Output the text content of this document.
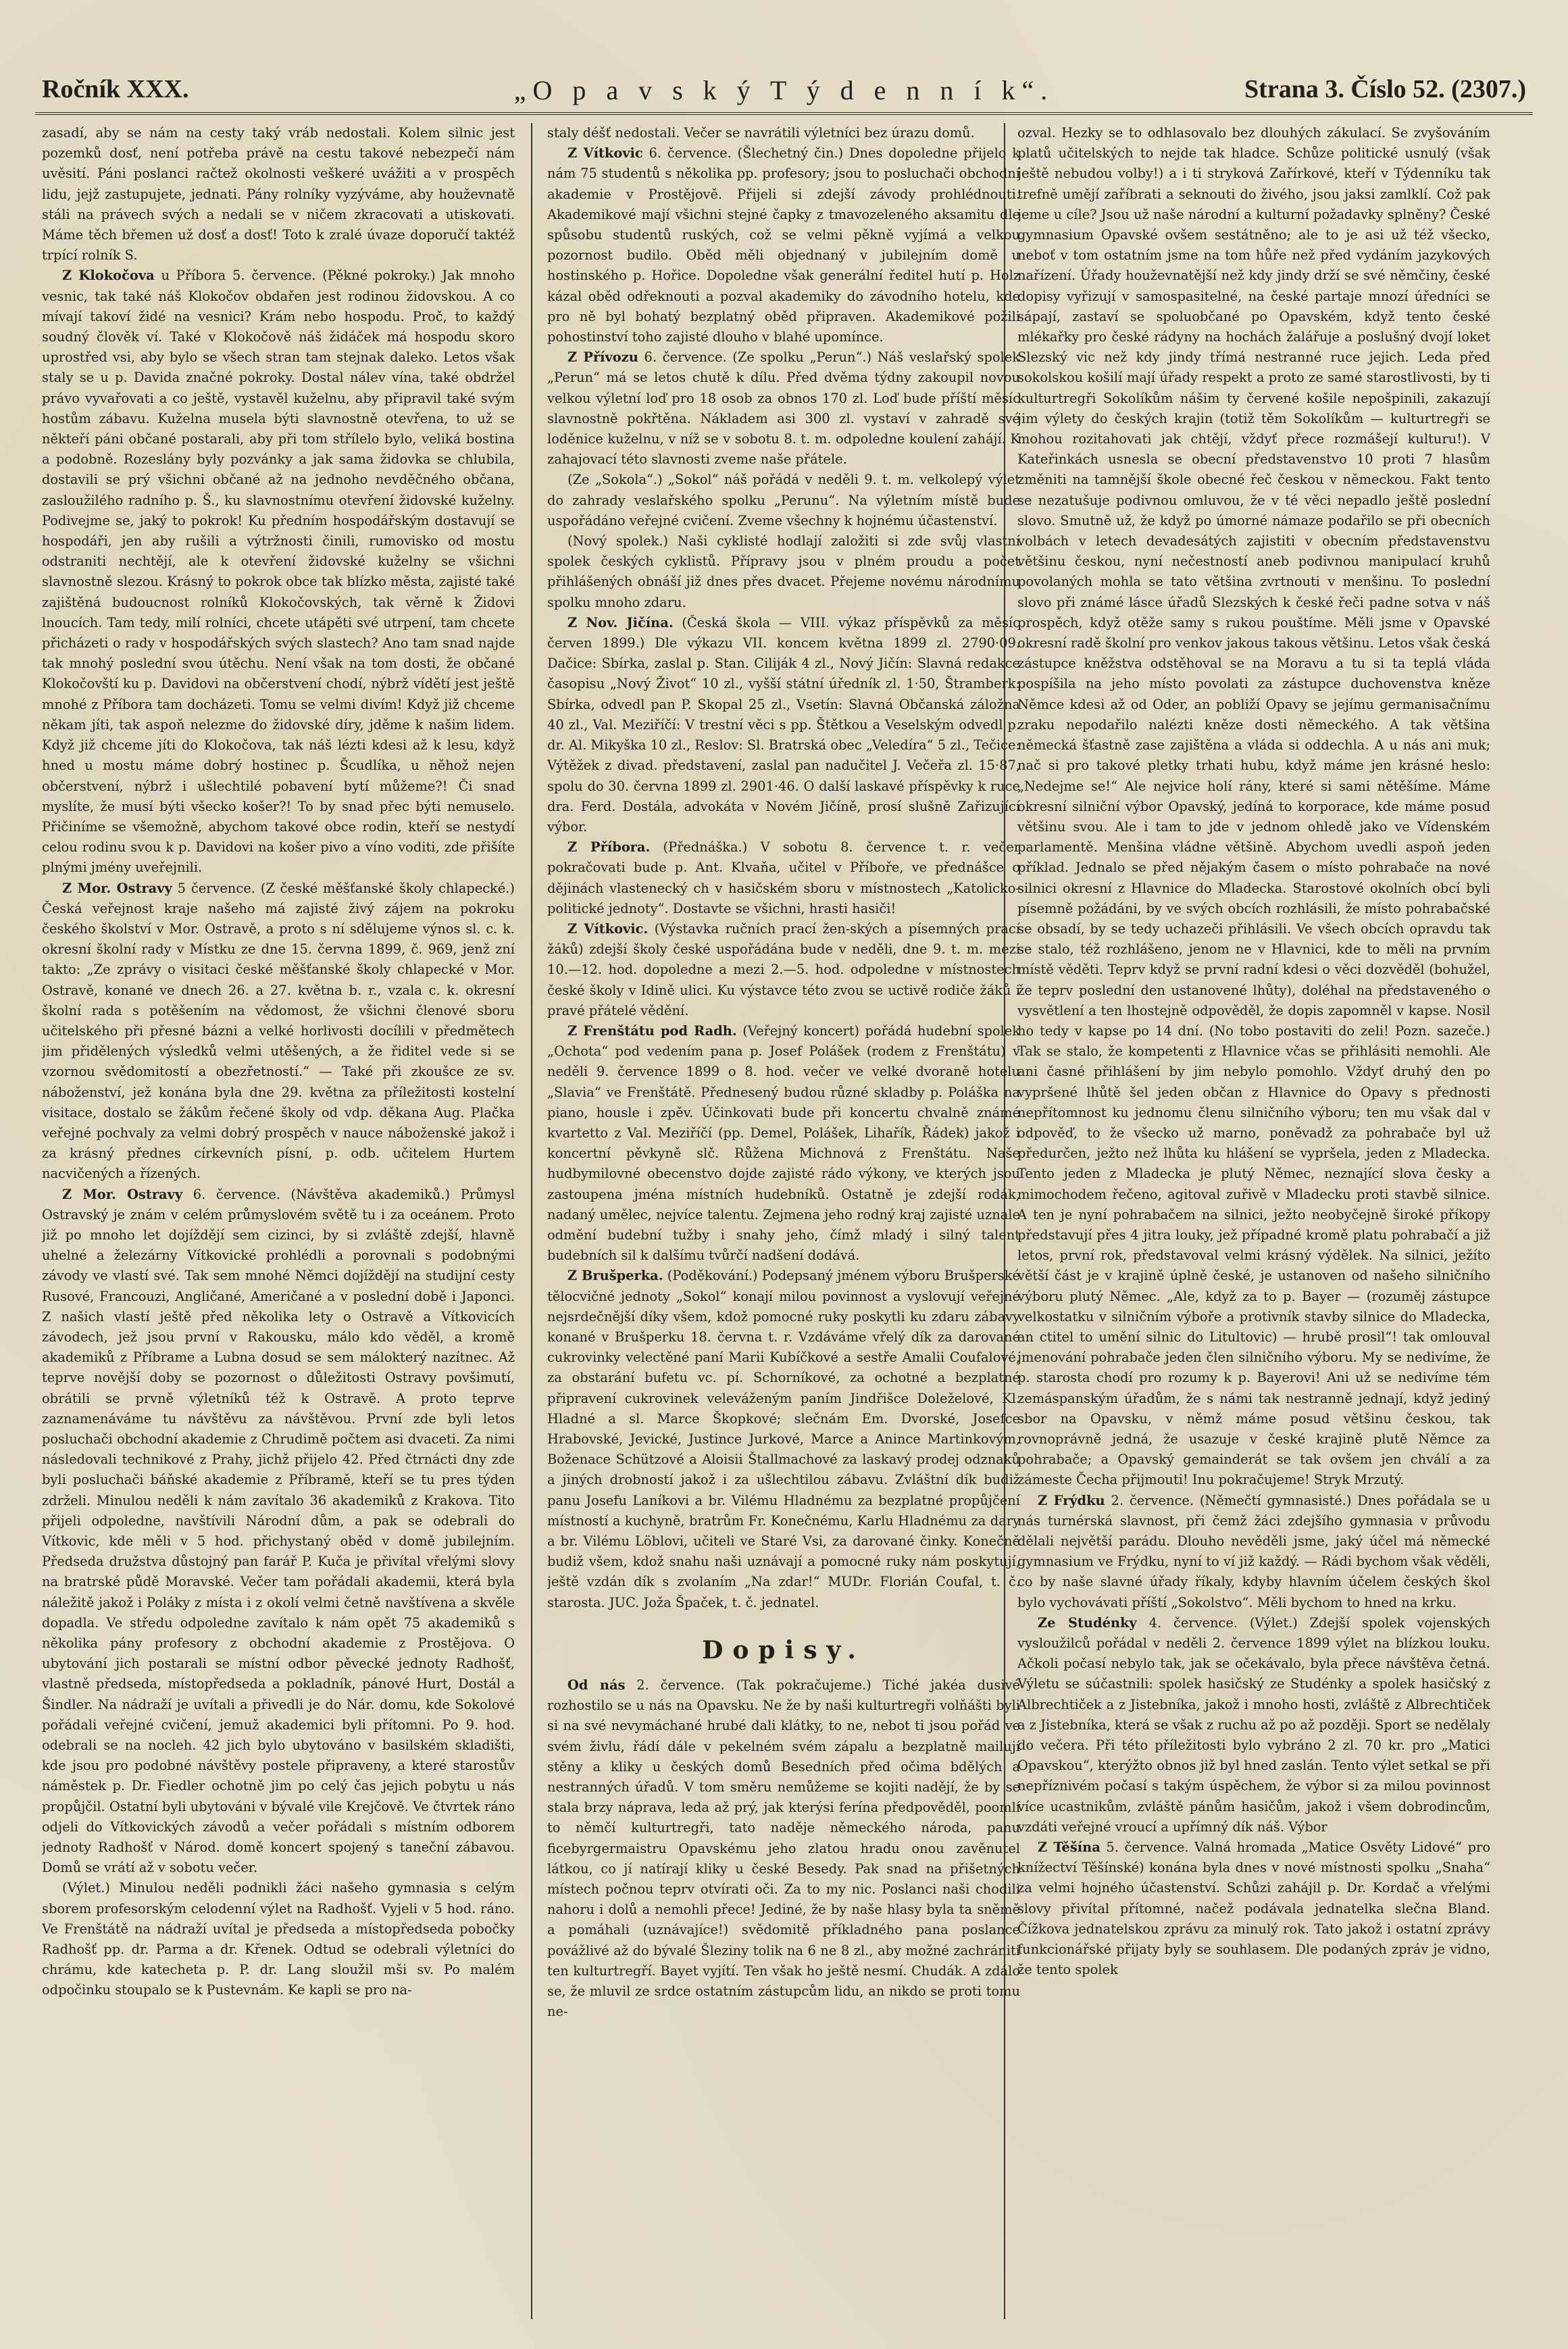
Ročník XXX.	„O p a v s k ý T ý d e n n í k“.	Strana 3. Číslo 52. (2307.)

zasadí, aby se nám na cesty taký vráb nedostali. Kolem silnic jest pozemků dosť, není potřeba právě na cestu takové nebezpečí nám uvěsití. Páni poslanci račtež okolnosti veškeré uvážiti a v prospěch lidu, jejž zastupujete, jednati. Pány rolníky vyzýváme, aby houževnatě stáli na právech svých a nedali se v ničem zkracovati a utiskovati. Máme těch břemen už dosť a dosť! Toto k zralé úvaze doporučí taktéž trpící rolník S.

Z Klokočova u Příbora 5. července. (Pěkné pokroky.) Jak mnoho vesnic, tak také náš Klokočov obdařen jest rodinou židovskou. A co mívají takoví židé na vesnici? Krám nebo hospodu. Proč, to každý soudný člověk ví. Také v Klokočově náš židáček má hospodu skoro uprostřed vsi, aby bylo se všech stran tam stejnak daleko. Letos však staly se u p. Davida značné pokroky. Dostal nálev vína, také obdržel právo vyvařovati a co ještě, vystavěl kuželnu, aby připravil také svým hostům zábavu. Kuželna musela býti slavnostně otevřena, to už se někteří páni občané postarali, aby při tom střílelo bylo, veliká bostina a podobně. Rozeslány byly pozvánky a jak sama židovka se chlubila, dostavili se prý všichni občané až na jednoho nevděčného občana, zasloužilého radního p. Š., ku slavnostnímu otevření židovské kuželny. Podivejme se, jaký to pokrok! Ku předním hospodářským dostavují se hospodáři, jen aby rušili a výtržnosti činili, rumovisko od mostu odstraniti nechtějí, ale k otevření židovské kuželny se všichni slavnostně slezou. Krásný to pokrok obce tak blízko města, zajisté také zajištěná budoucnost rolníků Klokočovských, tak věrně k Židovi lnoucích. Tam tedy, milí rolníci, chcete utápěti své utrpení, tam chcete přicházeti o rady v hospodářských svých slastech? Ano tam snad najde tak mnohý poslední svou útěchu. Není však na tom dosti, že občané Klokočovští ku p. Davidovi na občerstvení chodí, nýbrž vídětí jest ještě mnohé z Příbora tam docházeti. Tomu se velmi divím! Když již chceme někam jíti, tak aspoň nelezme do židovské díry, jděme k našim lidem. Když již chceme jíti do Klokočova, tak náš lézti kdesi až k lesu, když hned u mostu máme dobrý hostinec p. Šcudlíka, u něhož nejen občerstvení, nýbrž i ušlechtilé pobavení bytí můžeme?! Či snad myslíte, že musí býti všecko košer?! To by snad přec býti nemuselo. Přičiníme se všemožně, abychom takové obce rodin, kteří se nestydí celou rodinu svou k p. Davidovi na košer pivo a víno voditi, zde přišíte plnými jmény uveřejnili.

Z Mor. Ostravy 5 července. (Z české měšťanské školy chlapecké.) Česká veřejnost kraje našeho má zajisté živý zájem na pokroku českého školství v Mor. Ostravě, a proto s ní sdělujeme výnos sl. c. k. okresní školní rady v Místku ze dne 15. června 1899, č. 969, jenž zní takto: „Ze zprávy o visitaci české měšťanské školy chlapecké v Mor. Ostravě, konané ve dnech 26. a 27. května b. r., vzala c. k. okresní školní rada s potěšením na vědomost, že všichni členové sboru učitelského při přesné bázni a velké horlivosti docílili v předmětech jim přidělených výsledků velmi utěšených, a že řiditel vede si se vzornou svědomitostí a obezřetností.“ — Také při zkoušce ze sv. náboženství, jež konána byla dne 29. května za příležitosti kostelní visitace, dostalo se žákům řečené školy od vdp. děkana Aug. Plačka veřejné pochvaly za velmi dobrý prospěch v nauce náboženské jakož i za krásný přednes církevních písní, p. odb. učitelem Hurtem nacvičených a řízených.

Z Mor. Ostravy 6. července. (Návštěva akademiků.) Průmysl Ostravský je znám v celém průmyslovém světě tu i za oceánem. Proto již po mnoho let dojíždějí sem cizinci, by si zvláště zdejší, hlavně uhelné a železárny Vítkovické prohlédli a porovnali s podobnými závody ve vlastí své. Tak sem mnohé Němci dojíždějí na studijní cesty Rusové, Francouzi, Angličané, Američané a v poslední době i Japonci. Z našich vlastí ještě před několika lety o Ostravě a Vítkovicích závodech, jež jsou první v Rakousku, málo kdo věděl, a kromě akademiků z Příbrame a Lubna dosud se sem málokterý nazítnec. Až teprve novější doby se pozornost o důležitosti Ostravy povšimutí, obrátili se prvně výletníků též k Ostravě. A proto teprve zaznamenáváme tu návštěvu za návštěvou. První zde byli letos posluchači obchodní akademie z Chrudimě počtem asi dvaceti. Za nimi následovali technikové z Prahy, jichž přijelo 42. Před čtrnácti dny zde byli posluchači báňské akademie z Příbramě, kteří se tu pres týden zdrželi. Minulou neděli k nám zavítalo 36 akademiků z Krakova. Tito přijeli odpoledne, navštívili Národní dům, a pak se odebrali do Vítkovic, kde měli v 5 hod. přichystaný oběd v domě jubilejním. Předseda družstva důstojný pan farář P. Kuča je přivítal vřelými slovy na bratrské půdě Moravské. Večer tam pořádali akademii, která byla náležitě jakož i Poláky z místa i z okolí velmi četně navštívena a skvěle dopadla. Ve středu odpoledne zavítalo k nám opět 75 akademiků s několika pány profesory z obchodní akademie z Prostějova. O ubytování jich postarali se místní odbor pěvecké jednoty Radhošť, vlastně předseda, místopředseda a pokladník, pánové Hurt, Dostál a Šindler. Na nádraží je uvítali a přivedli je do Nár. domu, kde Sokolové pořádali veřejné cvičení, jemuž akademici byli přítomni. Po 9. hod. odebrali se na nocleh. 42 jich bylo ubytováno v basilském skladišti, kde jsou pro podobné návštěvy postele připraveny, a které starostův náměstek p. Dr. Fiedler ochotně jim po celý čas jejich pobytu u nás propůjčil. Ostatní byli ubytováni v bývalé vile Krejčově. Ve čtvrtek ráno odjeli do Vítkovických závodů a večer pořádali s místním odborem jednoty Radhošť v Národ. domě koncert spojený s taneční zábavou. Domů se vrátí až v sobotu večer.

(Výlet.) Minulou neděli podnikli žáci našeho gymnasia s celým sborem profesorským celodenní výlet na Radhošť. Vyjeli v 5 hod. ráno. Ve Frenštátě na nádraží uvítal je předseda a místopředseda pobočky Radhošť pp. dr. Parma a dr. Křenek. Odtud se odebrali výletníci do chrámu, kde katecheta p. P. dr. Lang sloužil mši sv. Po malém odpočinku stoupalo se k Pustevnám. Ke kapli se pro na-

staly déšť nedostali. Večer se navrátili výletníci bez úrazu domů.

Z Vítkovic 6. července. (Šlechetný čin.) Dnes dopoledne přijelo k nám 75 studentů s několika pp. profesory; jsou to posluchači obchodní akademie v Prostějově. Přijeli si zdejší závody prohlédnouti. Akademikové mají všichni stejné čapky z tmavozeleného aksamitu dle spůsobu studentů ruských, což se velmi pěkně vyjímá a velkou pozornost budilo. Oběd měli objednaný v jubilejním domě u hostinského p. Hořice. Dopoledne však generální ředitel hutí p. Holz kázal oběd odřeknouti a pozval akademiky do závodního hotelu, kde pro ně byl bohatý bezplatný oběd připraven. Akademikové požili pohostinství toho zajisté dlouho v blahé upomínce.

Z Přívozu 6. července. (Ze spolku „Perun“.) Náš veslařský spolek „Perun“ má se letos chutě k dílu. Před dvěma týdny zakoupil novou velkou výletní loď pro 18 osob za obnos 170 zl. Loď bude příští měsíc slavnostně pokřtěna. Nákladem asi 300 zl. vystaví v zahradě své loděnice kuželnu, v níž se v sobotu 8. t. m. odpoledne koulení zahájí. K zahajovací této slavnosti zveme naše přátele.

(Ze „Sokola“.) „Sokol“ náš pořádá v neděli 9. t. m. velkolepý výlet do zahrady veslařského spolku „Perunu“. Na výletním místě bude uspořádáno veřejné cvičení. Zveme všechny k hojnému účastenství.

(Nový spolek.) Naši cyklisté hodlají založiti si zde svůj vlastní spolek českých cyklistů. Přípravy jsou v plném proudu a počet přihlášených obnáší již dnes přes dvacet. Přejeme novému národnímu spolku mnoho zdaru.

Z Nov. Jičína. (Česká škola — VIII. výkaz příspěvků za měsíc červen 1899.) Dle výkazu VII. koncem května 1899 zl. 2790·09. Dačice: Sbírka, zaslal p. Stan. Ciliják 4 zl., Nový Jičín: Slavná redakce časopisu „Nový Život“ 10 zl., vyšší státní úředník zl. 1·50, Štramberk: Sbírka, odvedl pan P. Skopal 25 zl., Vsetín: Slavná Občanská záložna 40 zl., Val. Meziříčí: V trestní věci s pp. Štětkou a Veselským odvedl p. dr. Al. Mikyška 10 zl., Reslov: Sl. Bratrská obec „Veledíra“ 5 zl., Tečice: Výtěžek z divad. představení, zaslal pan nadučitel J. Večeřa zl. 15·87, spolu do 30. června 1899 zl. 2901·46. O další laskavé příspěvky k ruce dra. Ferd. Dostála, advokáta v Novém Jičíně, prosí slušně Zařizující výbor.

Z Příbora. (Přednáška.) V sobotu 8. července t. r. večer pokračovati bude p. Ant. Klvaňa, učitel v Příboře, ve přednášce o dějinách vlastenecký ch v hasičském sboru v místnostech „Katolicko-politické jednoty“. Dostavte se všichni, hrasti hasiči!

Z Vítkovic. (Výstavka ručních prací žen-ských a písemných prací žáků) zdejší školy české uspořádána bude v neděli, dne 9. t. m. mezi 10.—12. hod. dopoledne a mezi 2.—5. hod. odpoledne v místnostech české školy v Idině ulici. Ku výstavce této zvou se uctivě rodiče žáků i pravé přátelé vědění.

Z Frenštátu pod Radh. (Veřejný koncert) pořádá hudební spolek „Ochota“ pod vedením pana p. Josef Polášek (rodem z Frenštátu) v neděli 9. července 1899 o 8. hod. večer ve velké dvoraně hotelu „Slavia“ ve Frenštátě. Přednesený budou různé skladby p. Poláška na piano, housle i zpěv. Účinkovati bude při koncertu chvalně známé kvartetto z Val. Meziříčí (pp. Demel, Polášek, Lihařík, Řádek) jakož i koncertní pěvkyně slč. Růžena Michnová z Frenštátu. Naše hudbymilovné obecenstvo dojde zajisté rádo výkony, ve kterých jsou zastoupena jména místních hudebníků. Ostatně je zdejší rodák, nadaný umělec, nejvíce talentu. Zejmena jeho rodný kraj zajisté uznale odmění budební tužby i snahy jeho, čímž mladý i silný talent budebních sil k dalšímu tvůrčí nadšení dodává.

Z Brušperka. (Poděkování.) Podepsaný jménem výboru Brušperské tělocvičné jednoty „Sokol“ konají milou povinnost a vyslovují veřejné nejsrdečnější díky všem, kdož pomocné ruky poskytli ku zdaru zábavy konané v Brušperku 18. června t. r. Vzdáváme vřelý dík za darované cukrovinky velectěné paní Marii Kubíčkové a sestře Amalii Coufalové, za obstarání bufetu vc. pí. Schorníkové, za ochotné a bezplatné připravení cukrovinek veleváženým paním Jindřišce Doleželové, Kl. Hladné a sl. Marce Škopkové; slečnám Em. Dvorské, Josefce Hrabovské, Jevické, Justince Jurkové, Marce a Anince Martinkovým, Boženace Schützové a Aloisii Štallmachové za laskavý prodej odznaků a jiných drobností jakož i za ušlechtilou zábavu. Zvláštní dík budiž panu Josefu Laníkovi a br. Vilému Hladnému za bezplatné propůjčení místností a kuchyně, bratrům Fr. Konečnému, Karlu Hladnému za dary a br. Vilému Löblovi, učiteli ve Staré Vsi, za darované činky. Konečně budiž všem, kdož snahu naši uznávají a pomocné ruky nám poskytují, ještě vzdán dík s zvolaním „Na zdar!“ MUDr. Florián Coufal, t. č. starosta. JUC. Joža Špaček, t. č. jednatel.

Dopisy.

Od nás 2. července. (Tak pokračujeme.) Tiché jakéa dusivé rozhostilo se u nás na Opavsku. Ne že by naši kulturtregři volňášti byli si na své nevymáchané hrubé dali klátky, to ne, nebot ti jsou pořád ve svém živlu, řádí dále v pekelném svém zápalu a bezplatně mailují stěny a kliky u českých domů Besedních před očima bdělých a nestranných úřadů. V tom směru nemůžeme se kojiti nadějí, že by se stala brzy náprava, leda až prý, jak kterýsi ferína předpověděl, poomlí to němčí kulturtregři, tato naděje německého národa, panu ficebyrgermaistru Opavskému jeho zlatou hradu onou zavěnutel látkou, co jí natírají kliky u české Besedy. Pak snad na přišetných místech počnou teprv otvírati oči. Za to my nic. Poslanci naši chodili nahoru i dolů a nemohli přece! Jediné, že by naše hlasy byla ta sněmě a pomáhali (uznávajíce!) svědomitě příkladného pana poslance povážlivé až do bývalé Šleziny tolik na 6 ne 8 zl., aby možné zachrániti ten kulturtregří. Bayet vyjítí. Ten však ho ještě nesmí. Chudák. A zdálo se, že mluvil ze srdce ostatním zástupcům lidu, an nikdo se proti tomu ne-

ozval. Hezky se to odhlasovalo bez dlouhých zákulací. Se zvyšováním platů učitelských to nejde tak hladce. Schůze politické usnulý (však ještě nebudou volby!) a i ti stryková Zařírkové, kteří v Týdenníku tak trefně umějí zaříbrati a seknouti do živého, jsou jaksi zamlklí. Což pak jeme u cíle? Jsou už naše národní a kulturní požadavky splněny? České gymnasium Opavské ovšem sestátněno; ale to je asi už též všecko, neboť v tom ostatním jsme na tom hůře než před vydáním jazykových nařízení. Úřady houževnatější než kdy jindy drží se své němčiny, české dopisy vyřizují v samospasitelné, na české partaje mnozí úředníci se sápají, zastaví se spoluobčané po Opavském, když tento české mlékařky pro české rádyny na hochách žalářuje a poslušný dvojí loket Slezský vic než kdy jindy třímá nestranné ruce jejich. Leda před sokolskou košilí mají úřady respekt a proto ze samé starostlivosti, by ti kulturtregři Sokolíkům nášim ty červené košile nepošpinili, zakazují jim výlety do českých krajin (totiž těm Sokolíkům — kulturtregři se mohou rozitahovati jak chtějí, vždyť přece rozmášejí kulturu!). V Kateřinkách usnesla se obecní představenstvo 10 proti 7 hlasům změniti na tamnější škole obecné řeč českou v německou. Fakt tento se nezatušuje podivnou omluvou, že v té věci nepadlo ještě poslední slovo. Smutně už, že když po úmorné námaze podařilo se při obecních volbách v letech devadesátých zajistiti v obecním představenstvu většinu českou, nyní nečestností aneb podivnou manipulací kruhů povolaných mohla se tato většina zvrtnouti v menšinu. To poslední slovo při známé lásce úřadů Slezských k české řeči padne sotva v náš prospěch, když otěže samy s rukou pouštíme. Měli jsme v Opavské okresní radě školní pro venkov jakous takous většinu. Letos však česká zástupce kněžstva odstěhoval se na Moravu a tu si ta teplá vláda pospíšila na jeho místo povolati za zástupce duchovenstva kněze Němce kdesi až od Oder, an pobliží Opavy se jejímu germanisačnímu zraku nepodařilo nalézti kněze dosti německého. A tak většina německá šťastně zase zajištěna a vláda si oddechla. A u nás ani muk; nač si pro takové pletky trhati hubu, když máme jen krásné heslo: „Nedejme se!“ Ale nejvice holí rány, které si sami nětěšíme. Máme okresní silniční výbor Opavský, jedíná to korporace, kde máme posud většinu svou. Ale i tam to jde v jednom ohledě jako ve Vídenském parlamentě. Menšina vládne většině. Abychom uvedli aspoň jeden příklad. Jednalo se před nějakým časem o místo pohrabače na nové silnici okresní z Hlavnice do Mladecka. Starostové okolních obcí byli písemně požádáni, by ve svých obcích rozhlásili, že místo pohrabačské se obsadí, by se tedy uchazeči přihlásili. Ve všech obcích opravdu tak se stalo, též rozhlášeno, jenom ne v Hlavnici, kde to měli na prvním místě věděti. Teprv když se první radní kdesi o věci dozvěděl (bohužel, že teprv poslední den ustanovené lhůty), doléhal na představeného o vysvětlení a ten lhostejně odpověděl, že dopis zapomněl v kapse. Nosil ho tedy v kapse po 14 dní. (No tobo postaviti do zeli! Pozn. sazeče.) Tak se stalo, že kompetenti z Hlavnice včas se přihlásiti nemohli. Ale ani časné přihlášení by jim nebylo pomohlo. Vždyť druhý den po vypršené lhůtě šel jeden občan z Hlavnice do Opavy s přednosti nepřítomnost ku jednomu členu silničního výboru; ten mu však dal v odpověď, to že všecko už marno, poněvadž za pohrabače byl už předurčen, ježto než lhůta ku hlášení se vypršela, jeden z Mladecka. Tento jeden z Mladecka je plutý Němec, neznající slova česky a mimochodem řečeno, agitoval zuřivě v Mladecku proti stavbě silnice. A ten je nyní pohrabačem na silnici, ježto neobyčejně široké příkopy představují přes 4 jitra louky, jež případné kromě platu pohrabačí a již letos, první rok, představoval velmi krásný výdělek. Na silnici, ježíto větší část je v krajině úplně české, je ustanoven od našeho silničního výboru plutý Němec. „Ale, když za to p. Bayer — (rozuměj zástupce velkostatku v silničním výboře a protivník stavby silnice do Mladecka, an ctitel to umění silnic do Litultovic) — hrubě prosil“! tak omlouval jmenování pohrabače jeden člen silničního výboru. My se nedivíme, že p. starosta chodí pro rozumy k p. Bayerovi! Ani už se nedivíme tém zemáspanským úřadům, že s námi tak nestranně jednají, když jediný sbor na Opavsku, v němž máme posud většinu českou, tak rovnoprávně jedná, že usazuje v české krajině plutě Němce za pohrabače; a Opavský gemainderát se tak ovšem jen chválí a za zámeste Čecha přijmouti! Inu pokračujeme! Stryk Mrzutý.

Z Frýdku 2. července. (Němečtí gymnasisté.) Dnes pořádala se u nás turnérská slavnost, při čemž žáci zdejšího gymnasia v průvodu dělali největší parádu. Dlouho nevěděli jsme, jaký účel má německé gymnasium ve Frýdku, nyní to ví již každý. — Rádi bychom však věděli, co by naše slavné úřady říkaly, kdyby hlavním účelem českých škol bylo vychovávati příští „Sokolstvo“. Měli bychom to hned na krku.

Ze Studénky 4. července. (Výlet.) Zdejší spolek vojenských vysloužilců pořádal v neděli 2. července 1899 výlet na blízkou louku. Ačkoli počasí nebylo tak, jak se očekávalo, byla přece návštěva četná. Výletu se súčastnili: spolek hasičský ze Studénky a spolek hasičský z Albrechtiček a z Jistebníka, jakož i mnoho hosti, zvláště z Albrechtiček a z Jistebníka, která se však z ruchu až po až později. Sport se nedělaly do večera. Při této příležitosti bylo vybráno 2 zl. 70 kr. pro „Matici Opavskou“, kterýžto obnos již byl hned zaslán. Tento výlet setkal se při nepříznivém počasí s takým úspěchem, že výbor si za milou povinnost více ucastnikům, zvláště pánům hasičům, jakož i všem dobrodincům, vzdáti veřejné vroucí a upřímný dík náš. Výbor

Z Těšína 5. července. Valná hromada „Matice Osvěty Lidové“ pro knížectví Těšínské) konána byla dnes v nové místnosti spolku „Snaha“ za velmi hojného účastenství. Schůzi zahájil p. Dr. Kordač a vřelými slovy přivítal přítomné, načež podávala jednatelka slečna Bland. Čížkova jednatelskou zprávu za minulý rok. Tato jakož i ostatní zprávy funkcionářské přijaty byly se souhlasem. Dle podaných zpráv je vidno, že tento spolek
